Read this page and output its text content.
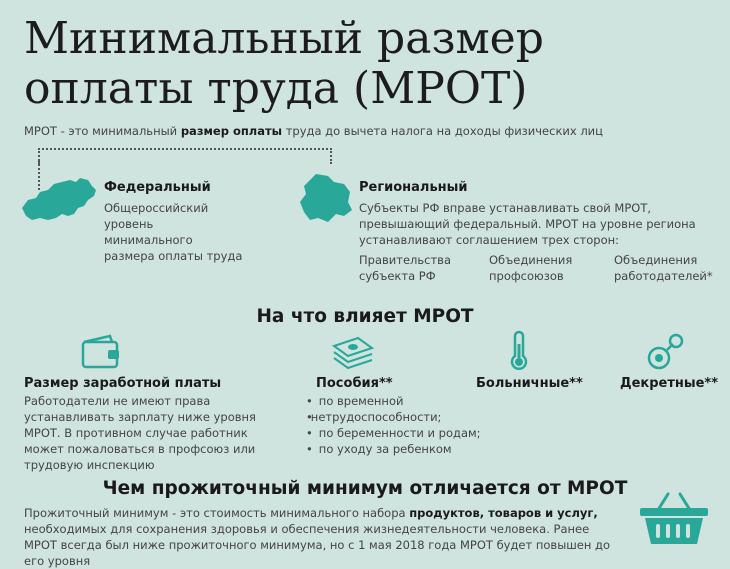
Минимальный размер оплаты труда (МРОТ)
МРОТ - это минимальный размер оплаты труда до вычета налога на доходы физических лиц
Федеральный
Общероссийский уровень минимального размера оплаты труда
Региональный
Субъекты РФ вправе устанавливать свой МРОТ, превышающий федеральный. МРОТ на уровне региона устанавливают соглашением трех сторон:
Правительства
субъекта РФ
Объединения
профсоюзов
Объединения
работодателей*
На что влияет МРОТ
Размер заработной платы
Работодатели не имеют права устанавливать зарплату ниже уровня МРОТ. В противном случае работник может пожаловаться в профсоюз или трудовую инспекцию
Пособия**
• по временной
• нетрудоспособности;
• по беременности и родам;
• по уходу за ребенком
Больничные**	Декретные**
Чем прожиточный минимум отличается от МРОТ
Прожиточный минимум - это стоимость минимального набора продуктов, товаров и услуг, необходимых для сохранения здоровья и обеспечения жизнедеятельности человека. Ранее МРОТ всегда был ниже прожиточного минимума, но с 1 мая 2018 года МРОТ будет повышен до его уровня
